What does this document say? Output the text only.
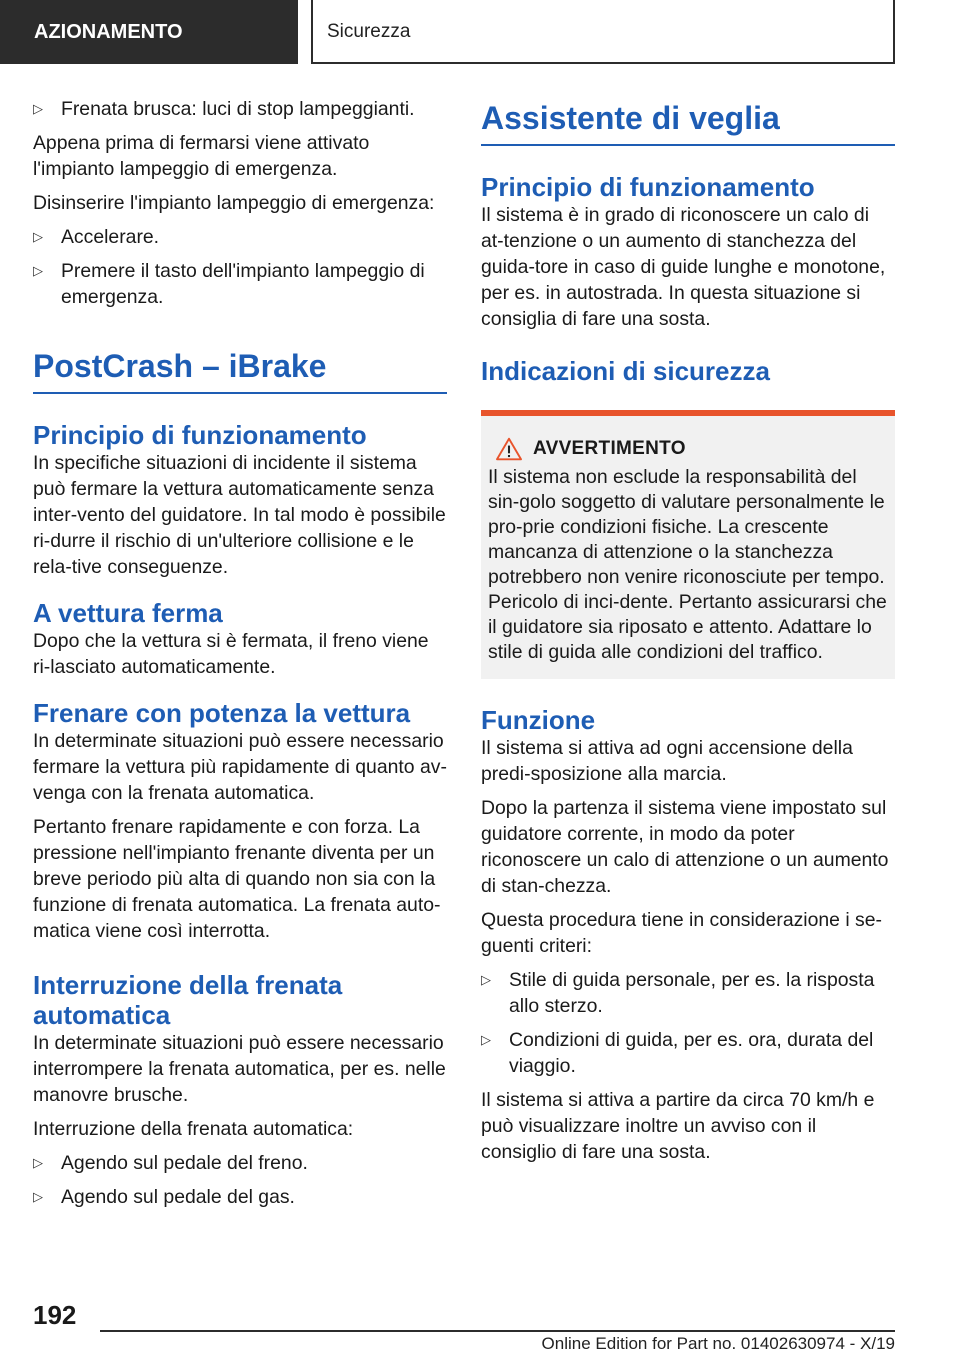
AZIONAMENTO	Sicurezza
▷ Frenata brusca: luci di stop lampeggianti.

Appena prima di fermarsi viene attivato l'impianto lampeggio di emergenza.

Disinserire l'impianto lampeggio di emergenza:

▷ Accelerare.
▷ Premere il tasto dell'impianto lampeggio di emergenza.
PostCrash – iBrake
Principio di funzionamento

In specifiche situazioni di incidente il sistema può fermare la vettura automaticamente senza inter-vento del guidatore. In tal modo è possibile ri-durre il rischio di un'ulteriore collisione e le rela-tive conseguenze.

A vettura ferma

Dopo che la vettura si è fermata, il freno viene ri-lasciato automaticamente.

Frenare con potenza la vettura

In determinate situazioni può essere necessario fermare la vettura più rapidamente di quanto av-venga con la frenata automatica.

Pertanto frenare rapidamente e con forza. La pressione nell'impianto frenante diventa per un breve periodo più alta di quando non sia con la funzione di frenata automatica. La frenata auto-matica viene così interrotta.

Interruzione della frenata automatica

In determinate situazioni può essere necessario interrompere la frenata automatica, per es. nelle manovre brusche.

Interruzione della frenata automatica:

▷ Agendo sul pedale del freno.
▷ Agendo sul pedale del gas.
Assistente di veglia
Principio di funzionamento

Il sistema è in grado di riconoscere un calo di at-tenzione o un aumento di stanchezza del guida-tore in caso di guide lunghe e monotone, per es. in autostrada. In questa situazione si consiglia di fare una sosta.

Indicazioni di sicurezza
AVVERTIMENTO
Il sistema non esclude la responsabilità del sin-golo soggetto di valutare personalmente le pro-prie condizioni fisiche. La crescente mancanza di attenzione o la stanchezza potrebbero non venire riconosciute per tempo. Pericolo di inci-dente. Pertanto assicurarsi che il guidatore sia riposato e attento. Adattare lo stile di guida alle condizioni del traffico.
Funzione

Il sistema si attiva ad ogni accensione della predi-sposizione alla marcia.

Dopo la partenza il sistema viene impostato sul guidatore corrente, in modo da poter riconoscere un calo di attenzione o un aumento di stan-chezza.

Questa procedura tiene in considerazione i se-guenti criteri:

▷ Stile di guida personale, per es. la risposta allo sterzo.
▷ Condizioni di guida, per es. ora, durata del viaggio.

Il sistema si attiva a partire da circa 70 km/h e può visualizzare inoltre un avviso con il consiglio di fare una sosta.

192
Online Edition for Part no. 01402630974 - X/19
